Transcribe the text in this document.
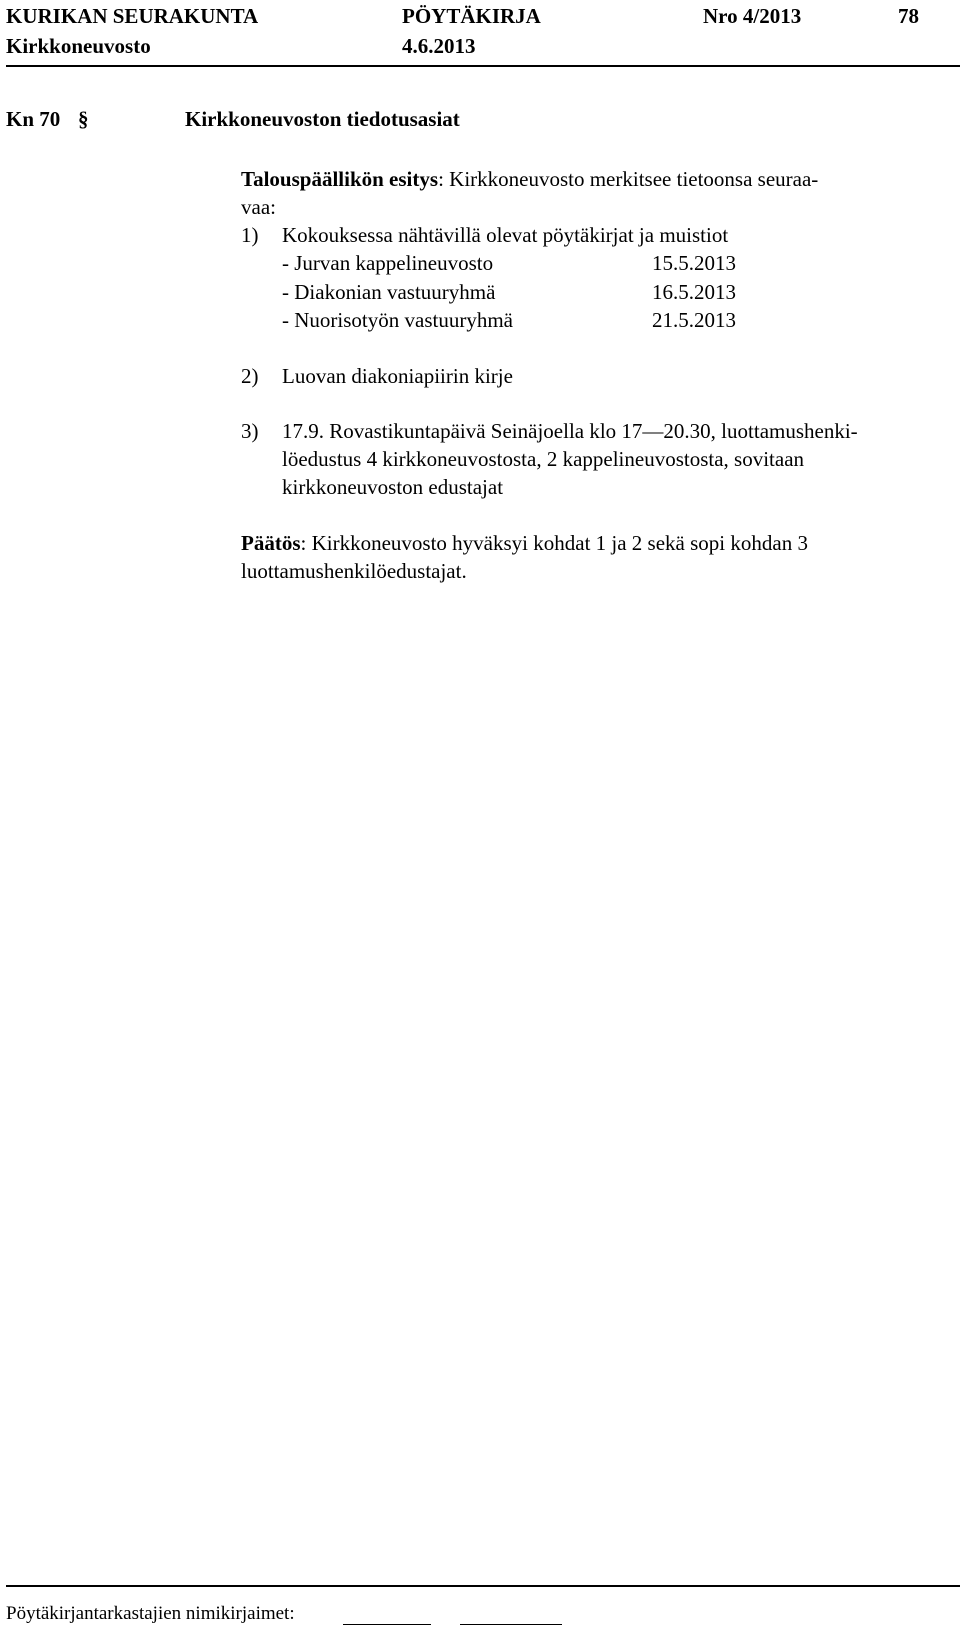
KURIKAN SEURAKUNTA	PÖYTÄKIRJA	Nro 4/2013	78
Kirkkoneuvosto	4.6.2013
Kn 70 §	Kirkkoneuvoston tiedotusasiat
Talouspäällikön esitys: Kirkkoneuvosto merkitsee tietoonsa seuraa-
vaa:
1) Kokouksessa nähtävillä olevat pöytäkirjat ja muistiot
- Jurvan kappelineuvosto	15.5.2013
- Diakonian vastuuryhmä	16.5.2013
- Nuorisotyön vastuuryhmä	21.5.2013
2) Luovan diakoniapiirin kirje
3) 17.9. Rovastikuntapäivä Seinäjoella klo 17—20.30, luottamushenki-
löedustus 4 kirkkoneuvostosta, 2 kappelineuvostosta, sovitaan
kirkkoneuvoston edustajat
Päätös: Kirkkoneuvosto hyväksyi kohdat 1 ja 2 sekä sopi kohdan 3
luottamushenkilöedustajat.
Pöytäkirjantarkastajien nimikirjaimet:
